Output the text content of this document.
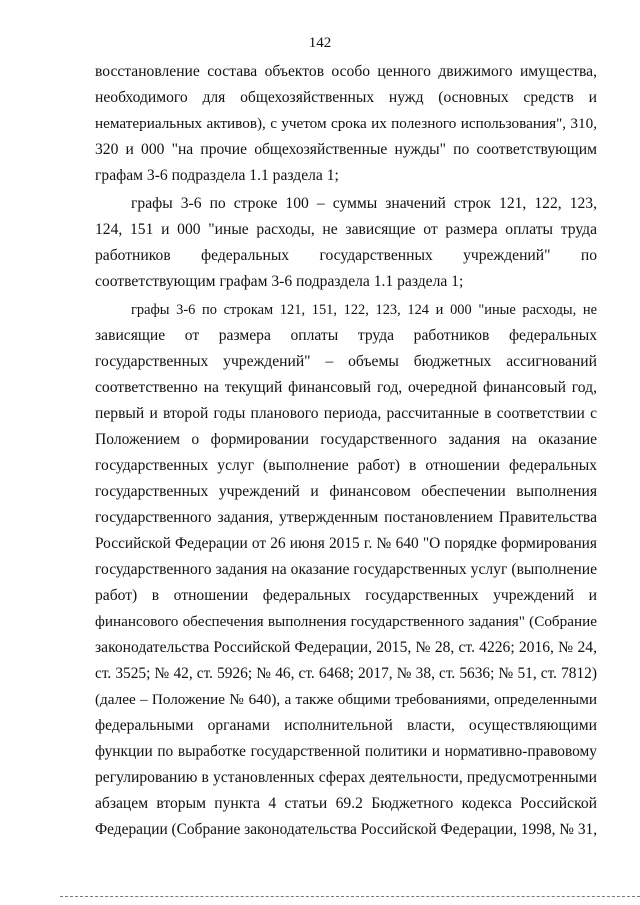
142

восстановление состава объектов особо ценного движимого имущества,

необходимого для общехозяйственных нужд (основных средств и

нематериальных активов), с учетом срока их полезного использования", 310,

320 и 000 "на прочие общехозяйственные нужды" по соответствующим

графам 3-6 подраздела 1.1 раздела 1;

графы 3-6 по строке 100 – суммы значений строк 121, 122, 123,

124, 151 и 000 "иные расходы, не зависящие от размера оплаты труда

работников федеральных государственных учреждений" по

соответствующим графам 3-6 подраздела 1.1 раздела 1;

графы 3-6 по строкам 121, 151, 122, 123, 124 и 000 "иные расходы, не

зависящие от размера оплаты труда работников федеральных

государственных учреждений" – объемы бюджетных ассигнований

соответственно на текущий финансовый год, очередной финансовый год,

первый и второй годы планового периода, рассчитанные в соответствии с

Положением о формировании государственного задания на оказание

государственных услуг (выполнение работ) в отношении федеральных

государственных учреждений и финансовом обеспечении выполнения

государственного задания, утвержденным постановлением Правительства

Российской Федерации от 26 июня 2015 г. № 640 "О порядке формирования

государственного задания на оказание государственных услуг (выполнение

работ) в отношении федеральных государственных учреждений и

финансового обеспечения выполнения государственного задания" (Собрание

законодательства Российской Федерации, 2015, № 28, ст. 4226; 2016, № 24,

ст. 3525; № 42, ст. 5926; № 46, ст. 6468; 2017, № 38, ст. 5636; № 51, ст. 7812)

(далее – Положение № 640), а также общими требованиями, определенными

федеральными органами исполнительной власти, осуществляющими

функции по выработке государственной политики и нормативно-правовому

регулированию в установленных сферах деятельности, предусмотренными

абзацем вторым пункта 4 статьи 69.2 Бюджетного кодекса Российской

Федерации (Собрание законодательства Российской Федерации, 1998, № 31,
